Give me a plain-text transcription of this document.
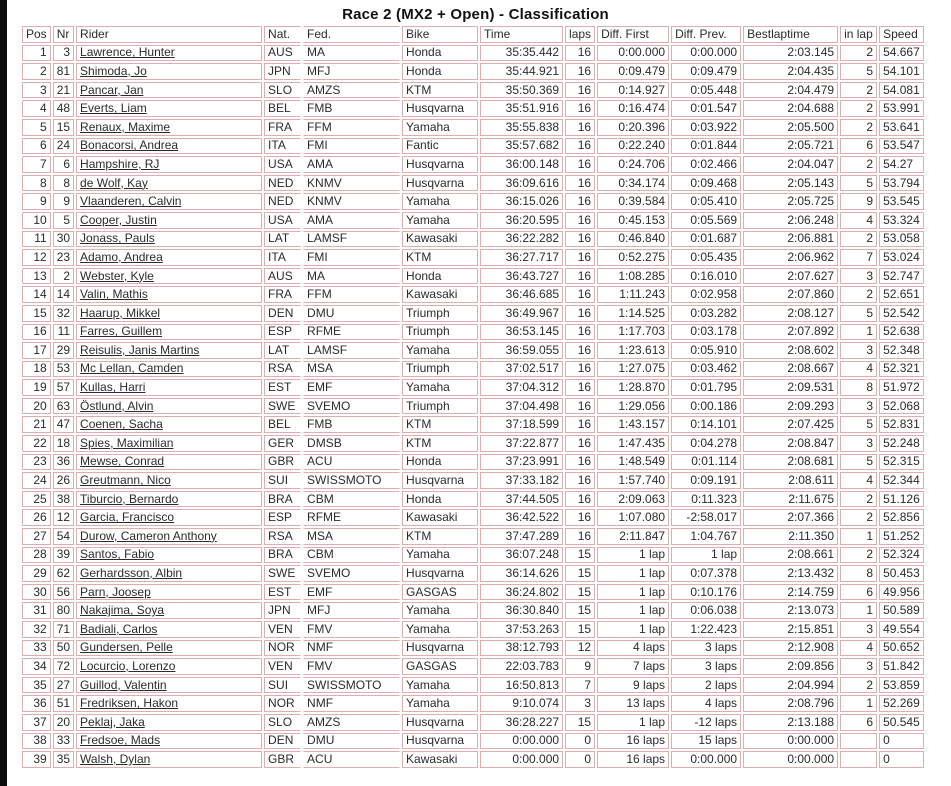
Race 2 (MX2 + Open) - Classification
Pos	Nr	Rider	Nat.	Fed.	Bike	Time	laps	Diff. First	Diff. Prev.	Bestlaptime	in lap	Speed
1	3	Lawrence, Hunter	AUS	MA	Honda	35:35.442	16	0:00.000	0:00.000	2:03.145	2	54.667
2	81	Shimoda, Jo	JPN	MFJ	Honda	35:44.921	16	0:09.479	0:09.479	2:04.435	5	54.101
3	21	Pancar, Jan	SLO	AMZS	KTM	35:50.369	16	0:14.927	0:05.448	2:04.479	2	54.081
4	48	Everts, Liam	BEL	FMB	Husqvarna	35:51.916	16	0:16.474	0:01.547	2:04.688	2	53.991
5	15	Renaux, Maxime	FRA	FFM	Yamaha	35:55.838	16	0:20.396	0:03.922	2:05.500	2	53.641
6	24	Bonacorsi, Andrea	ITA	FMI	Fantic	35:57.682	16	0:22.240	0:01.844	2:05.721	6	53.547
7	6	Hampshire, RJ	USA	AMA	Husqvarna	36:00.148	16	0:24.706	0:02.466	2:04.047	2	54.27
8	8	de Wolf, Kay	NED	KNMV	Husqvarna	36:09.616	16	0:34.174	0:09.468	2:05.143	5	53.794
9	9	Vlaanderen, Calvin	NED	KNMV	Yamaha	36:15.026	16	0:39.584	0:05.410	2:05.725	9	53.545
10	5	Cooper, Justin	USA	AMA	Yamaha	36:20.595	16	0:45.153	0:05.569	2:06.248	4	53.324
11	30	Jonass, Pauls	LAT	LAMSF	Kawasaki	36:22.282	16	0:46.840	0:01.687	2:06.881	2	53.058
12	23	Adamo, Andrea	ITA	FMI	KTM	36:27.717	16	0:52.275	0:05.435	2:06.962	7	53.024
13	2	Webster, Kyle	AUS	MA	Honda	36:43.727	16	1:08.285	0:16.010	2:07.627	3	52.747
14	14	Valin, Mathis	FRA	FFM	Kawasaki	36:46.685	16	1:11.243	0:02.958	2:07.860	2	52.651
15	32	Haarup, Mikkel	DEN	DMU	Triumph	36:49.967	16	1:14.525	0:03.282	2:08.127	5	52.542
16	11	Farres, Guillem	ESP	RFME	Triumph	36:53.145	16	1:17.703	0:03.178	2:07.892	1	52.638
17	29	Reisulis, Janis Martins	LAT	LAMSF	Yamaha	36:59.055	16	1:23.613	0:05.910	2:08.602	3	52.348
18	53	Mc Lellan, Camden	RSA	MSA	Triumph	37:02.517	16	1:27.075	0:03.462	2:08.667	4	52.321
19	57	Kullas, Harri	EST	EMF	Yamaha	37:04.312	16	1:28.870	0:01.795	2:09.531	8	51.972
20	63	Östlund, Alvin	SWE	SVEMO	Triumph	37:04.498	16	1:29.056	0:00.186	2:09.293	3	52.068
21	47	Coenen, Sacha	BEL	FMB	KTM	37:18.599	16	1:43.157	0:14.101	2:07.425	5	52.831
22	18	Spies, Maximilian	GER	DMSB	KTM	37:22.877	16	1:47.435	0:04.278	2:08.847	3	52.248
23	36	Mewse, Conrad	GBR	ACU	Honda	37:23.991	16	1:48.549	0:01.114	2:08.681	5	52.315
24	26	Greutmann, Nico	SUI	SWISSMOTO	Husqvarna	37:33.182	16	1:57.740	0:09.191	2:08.611	4	52.344
25	38	Tiburcio, Bernardo	BRA	CBM	Honda	37:44.505	16	2:09.063	0:11.323	2:11.675	2	51.126
26	12	Garcia, Francisco	ESP	RFME	Kawasaki	36:42.522	16	1:07.080	-2:58.017	2:07.366	2	52.856
27	54	Durow, Cameron Anthony	RSA	MSA	KTM	37:47.289	16	2:11.847	1:04.767	2:11.350	1	51.252
28	39	Santos, Fabio	BRA	CBM	Yamaha	36:07.248	15	1 lap	1 lap	2:08.661	2	52.324
29	62	Gerhardsson, Albin	SWE	SVEMO	Husqvarna	36:14.626	15	1 lap	0:07.378	2:13.432	8	50.453
30	56	Parn, Joosep	EST	EMF	GASGAS	36:24.802	15	1 lap	0:10.176	2:14.759	6	49.956
31	80	Nakajima, Soya	JPN	MFJ	Yamaha	36:30.840	15	1 lap	0:06.038	2:13.073	1	50.589
32	71	Badiali, Carlos	VEN	FMV	Yamaha	37:53.263	15	1 lap	1:22.423	2:15.851	3	49.554
33	50	Gundersen, Pelle	NOR	NMF	Husqvarna	38:12.793	12	4 laps	3 laps	2:12.908	4	50.652
34	72	Locurcio, Lorenzo	VEN	FMV	GASGAS	22:03.783	9	7 laps	3 laps	2:09.856	3	51.842
35	27	Guillod, Valentin	SUI	SWISSMOTO	Yamaha	16:50.813	7	9 laps	2 laps	2:04.994	2	53.859
36	51	Fredriksen, Hakon	NOR	NMF	Yamaha	9:10.074	3	13 laps	4 laps	2:08.796	1	52.269
37	20	Peklaj, Jaka	SLO	AMZS	Husqvarna	36:28.227	15	1 lap	-12 laps	2:13.188	6	50.545
38	33	Fredsoe, Mads	DEN	DMU	Husqvarna	0:00.000	0	16 laps	15 laps	0:00.000		0
39	35	Walsh, Dylan	GBR	ACU	Kawasaki	0:00.000	0	16 laps	0:00.000	0:00.000		0
